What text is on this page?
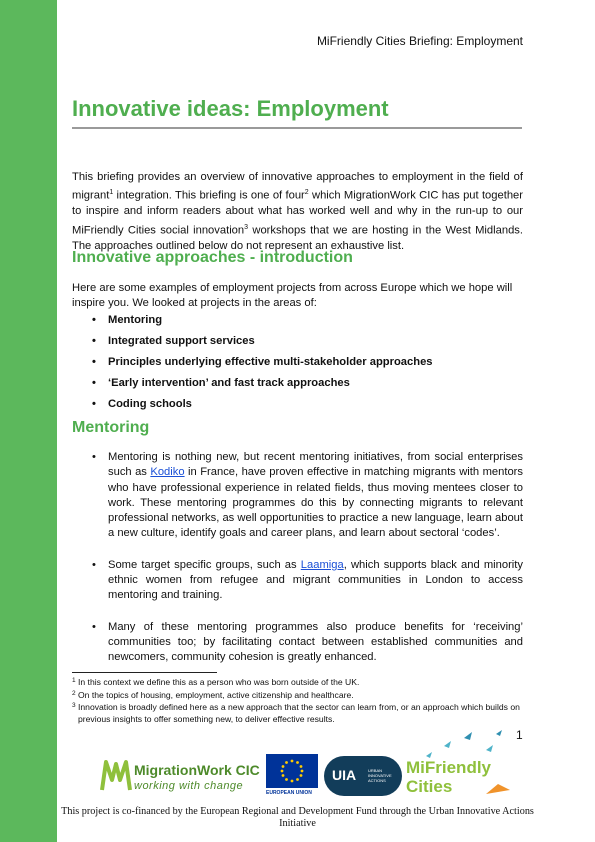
MiFriendly Cities Briefing: Employment
Innovative ideas: Employment

This briefing provides an overview of innovative approaches to employment in the field of migrant$^1$ integration. This briefing is one of four$^2$ which MigrationWork CIC has put together to inspire and inform readers about what has worked well and why in the run-up to our MiFriendly Cities social innovation$^3$ workshops that we are hosting in the West Midlands. The approaches outlined below do not represent an exhaustive list.

Innovative approaches - introduction

Here are some examples of employment projects from across Europe which we hope will inspire you. We looked at projects in the areas of:

• Mentoring
• Integrated support services
• Principles underlying effective multi-stakeholder approaches
• ‘Early intervention’ and fast track approaches
• Coding schools
Mentoring
• Mentoring is nothing new, but recent mentoring initiatives, from social enterprises such as Kodiko in France, have proven effective in matching migrants with mentors who have professional experience in related fields, thus moving mentees closer to work. These mentoring programmes do this by connecting migrants to relevant professional networks, as well opportunities to practice a new language, learn about a new culture, identify goals and career plans, and learn about sectoral ‘codes’.
• Some target specific groups, such as Laamiga, which supports black and minority ethnic women from refugee and migrant communities in London to access mentoring and training.
• Many of these mentoring programmes also produce benefits for ‘receiving’ communities too; by facilitating contact between established communities and newcomers, community cohesion is greatly enhanced.
1 In this context we define this as a person who was born outside of the UK.
2 On the topics of housing, employment, active citizenship and healthcare.
3 Innovation is broadly defined here as a new approach that the sector can learn from, or an approach which builds on previous insights to offer something new, to deliver effective results.
1
MigrationWork CIC
working with change
EUROPEAN UNION
UIA	URBAN INNOVATIVE ACTIONS
MiFriendly
Cities
This project is co-financed by the European Regional and Development Fund through the Urban Innovative Actions Initiative
